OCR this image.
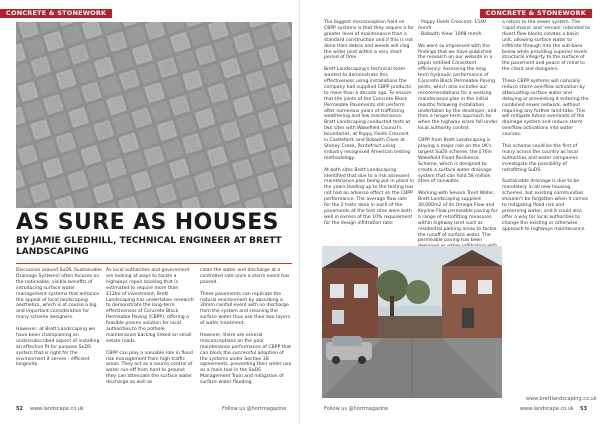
CONCRETE & STONEWORK
AS SURE AS HOUSES
BY JAMIE GLEDHILL, TECHNICAL ENGINEER AT BRETT LANDSCAPING

Discussion around SuDS (Sustainable Drainage Systems) often focuses on the noticeable, visible benefits of introducing surface water management systems that enhance the appeal of local landscaping aesthetics, which is of course a big and important consideration for many scheme designers.

However, at Brett Landscaping we have been championing an undersubscribed aspect of installing an effective fit for purpose SuDS system that is right for the environment it serves - efficient longevity.

As local authorities and government are looking at ways to tackle a highways repair backlog that is estimated to require more than £12bn of investment, Brett Landscaping has undertaken research to demonstrate the long-term effectiveness of Concrete Block Permeable Paving (CBPP), offering a feasible proven solution for local authorities to the pothole maintenance backlog linked on small estate roads.

CBPP can play a valuable role in flood risk management from high traffic areas. They act as a source control of water run-off from hard to ground; they can attenuate the surface water discharge as well as

clean the water and discharge at a controlled rate once a storm event has passed.

These pavements can replicate the natural environment by absorbing a 30mm rainfall event with no discharge from the system and cleaning the surface water thus use their two layers of water treatment.

However, there are several misconceptions on the poor maintenance performance of CBPP that can block the successful adoption of the systems under Section 38 agreements, preventing their wider use as a main tool in the SuDS Management Train and mitigation of surface water flooding.

52 www.landscape.co.uk	Follow us @hortmagazine
CONCRETE & STONEWORK

The biggest misconception held on CBPP systems is that they require a far greater level of maintenance than a standard construction and if this is not done then debris and weeds will clog the wider joint within a very short period of time.

Brett Landscaping's technical team wanted to demonstrate this effectiveness using installations the company had supplied CBPP products to more than a decade ago. To ensure that the joints of the Concrete Block Permeable Pavements still perform after numerous years of trafficking weathering and low maintenance. Brett Landscaping conducted tests at two sites with Wakefield Council's boundaries, at Poppy Fields Crescent in Castleford, and Bobwith Close at Stoney Creek, Pontefract using industry recognised American testing methodology.

At both sites Brett Landscaping identified that due to a risk assessed maintenance plan being put in place in the years leading up to the testing has not had an adverse effect on the CBPP performance. The average flow rate for the 2 tests done in each of the pavements at the test sites were both well in excess of the 10% requirement for the design infiltration rate:

- Poppy Fields Crescent: 1540 mm/h
- Bobwith View: 1098 mm/h

We were so impressed with the findings that we have published the research on our website in a paper entitled Consistent efficiency: Assessing the long term hydraulic performance of Concrete Block Permeable Paving joints, which also includes our recommendations for a working maintenance plan in the initial months following installation undertaken by the developer, and then a longer-term approach for when the highway is/are fall under local authority control.

CBPP from Brett Landscaping is playing a major role on the UK's largest SuDS scheme, the £76m Wakefield Flood Resilience Scheme, which is designed to create a surface water drainage system that can hold 58 million litres of rainwater.

Working with Severn Trent Water, Brett Landscaping supplied 30,000m2 of its Omega Flow and Keyline Flow permeable paving for a range of retrofitting measures within highway land such as residential parking areas to tackle the runoff of surface water. The permeable paving has been

a return to the sewer system. The 'rapid mains' and 'remain' intended to divert flow blocks creates a basin unit, allowing surface water to infiltrate through into the sub-base below while providing superior levels structural integrity to the surface of the pavement and peace of mind to the client and designers.

These CBPP systems will naturally reduce storm overflow activation by attenuating surface water and delaying or preventing it entering the combined sewer network, without requiring any further land-take. This will mitigate future overloads of the drainage system and reduce storm overflow activations into water courses.

This scheme could be the first of many across the country as local authorities and water companies investigate the possibility of retrofitting SuDS.

Sustainable drainage is due to be mandatory in all new housing schemes, but existing communities shouldn't be forgotten when it comes to mitigating flood risk and preserving water, and it could also offer a way for local authorities to change the existing or otherwise approach to highways maintenance.

Follow us @hortmagazine	www.landscape.co.uk 53
www.brettlandscaping.co.uk
